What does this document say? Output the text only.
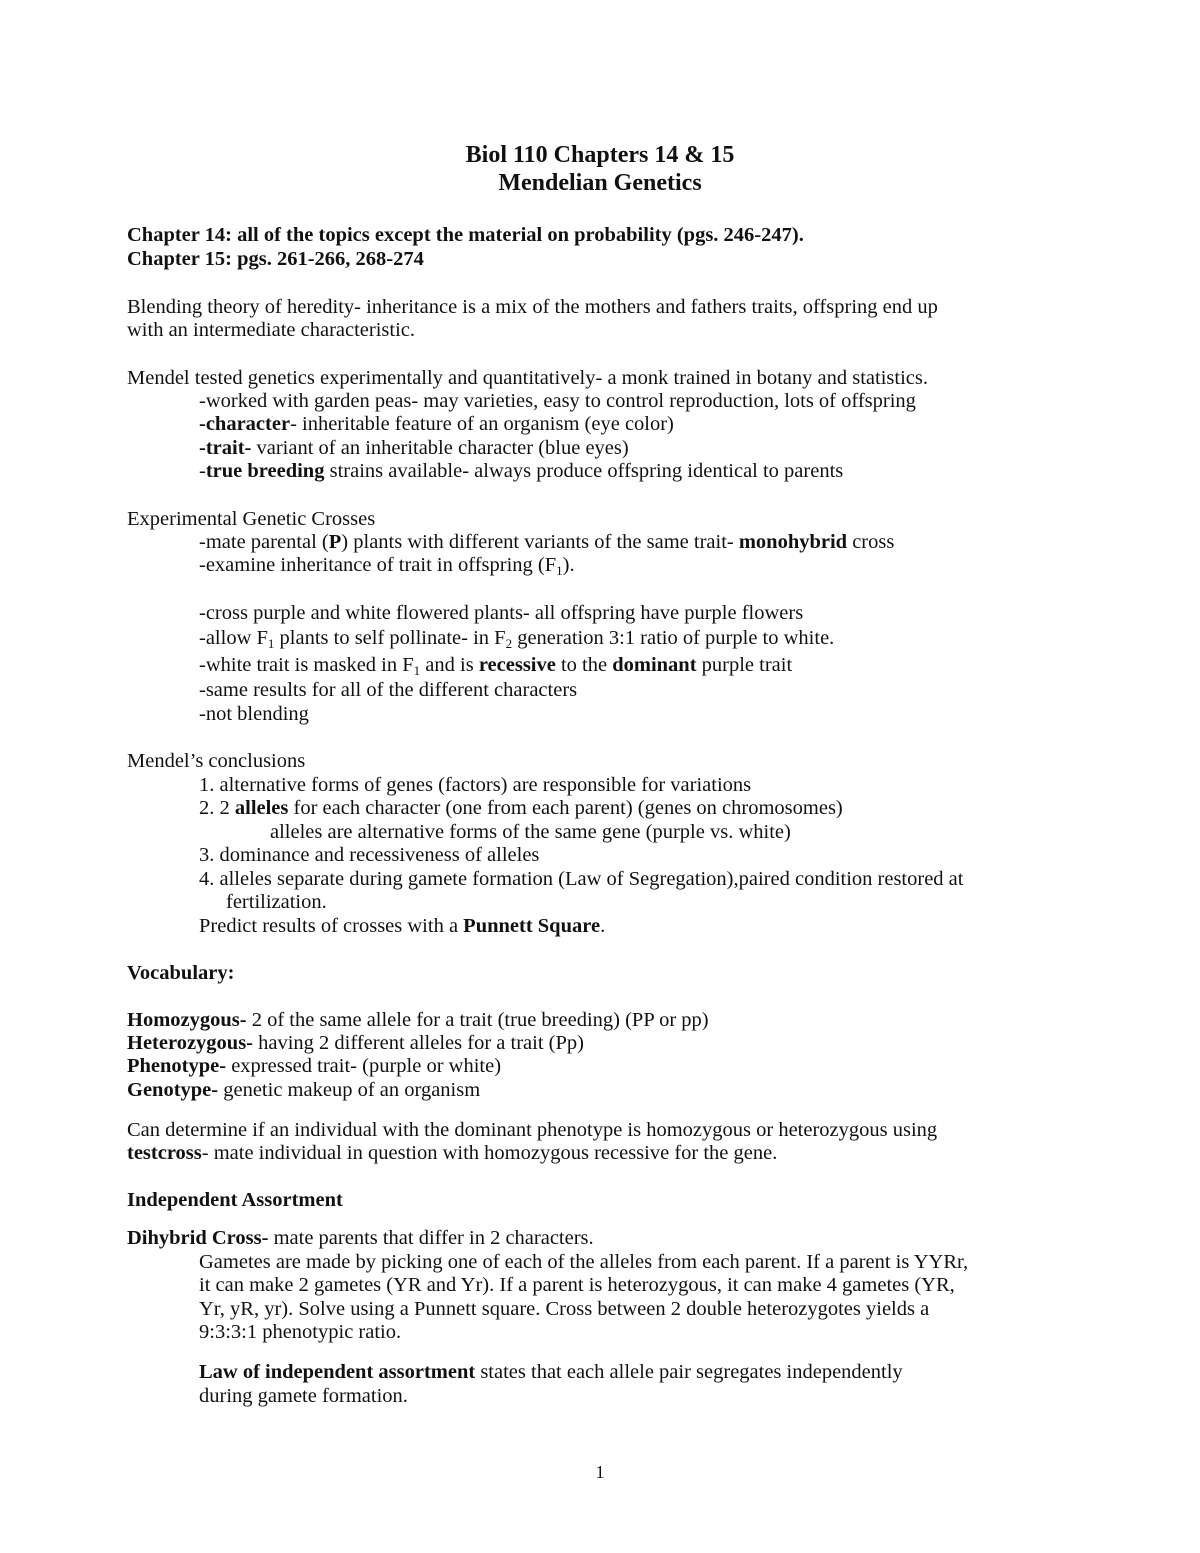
Biol 110 Chapters 14 & 15
Mendelian Genetics
Chapter 14: all of the topics except the material on probability (pgs. 246-247).
Chapter 15: pgs. 261-266, 268-274
Blending theory of heredity- inheritance is a mix of the mothers and fathers traits, offspring end up
with an intermediate characteristic.
Mendel tested genetics experimentally and quantitatively- a monk trained in botany and statistics.
-worked with garden peas- may varieties, easy to control reproduction, lots of offspring
-character- inheritable feature of an organism (eye color)
-trait- variant of an inheritable character (blue eyes)
-true breeding strains available- always produce offspring identical to parents
Experimental Genetic Crosses
-mate parental (P) plants with different variants of the same trait- monohybrid cross
-examine inheritance of trait in offspring $(F_1)$.
-cross purple and white flowered plants- all offspring have purple flowers
-allow $F_1$ plants to self pollinate- in $F_2$ generation 3:1 ratio of purple to white.
-white trait is masked in $F_1$ and is recessive to the dominant purple trait
-same results for all of the different characters
-not blending
Mendel’s conclusions
1. alternative forms of genes (factors) are responsible for variations
2. 2 alleles for each character (one from each parent) (genes on chromosomes)
alleles are alternative forms of the same gene (purple vs. white)
3. dominance and recessiveness of alleles
4. alleles separate during gamete formation (Law of Segregation),paired condition restored at
fertilization.
Predict results of crosses with a Punnett Square.
Vocabulary:
Homozygous- 2 of the same allele for a trait (true breeding) (PP or pp)
Heterozygous- having 2 different alleles for a trait (Pp)
Phenotype- expressed trait- (purple or white)
Genotype- genetic makeup of an organism
Can determine if an individual with the dominant phenotype is homozygous or heterozygous using
testcross- mate individual in question with homozygous recessive for the gene.
Independent Assortment
Dihybrid Cross- mate parents that differ in 2 characters.
Gametes are made by picking one of each of the alleles from each parent. If a parent is YYRr,
it can make 2 gametes (YR and Yr). If a parent is heterozygous, it can make 4 gametes (YR,
Yr, yR, yr). Solve using a Punnett square. Cross between 2 double heterozygotes yields a
9:3:3:1 phenotypic ratio.
Law of independent assortment states that each allele pair segregates independently
during gamete formation.
1
